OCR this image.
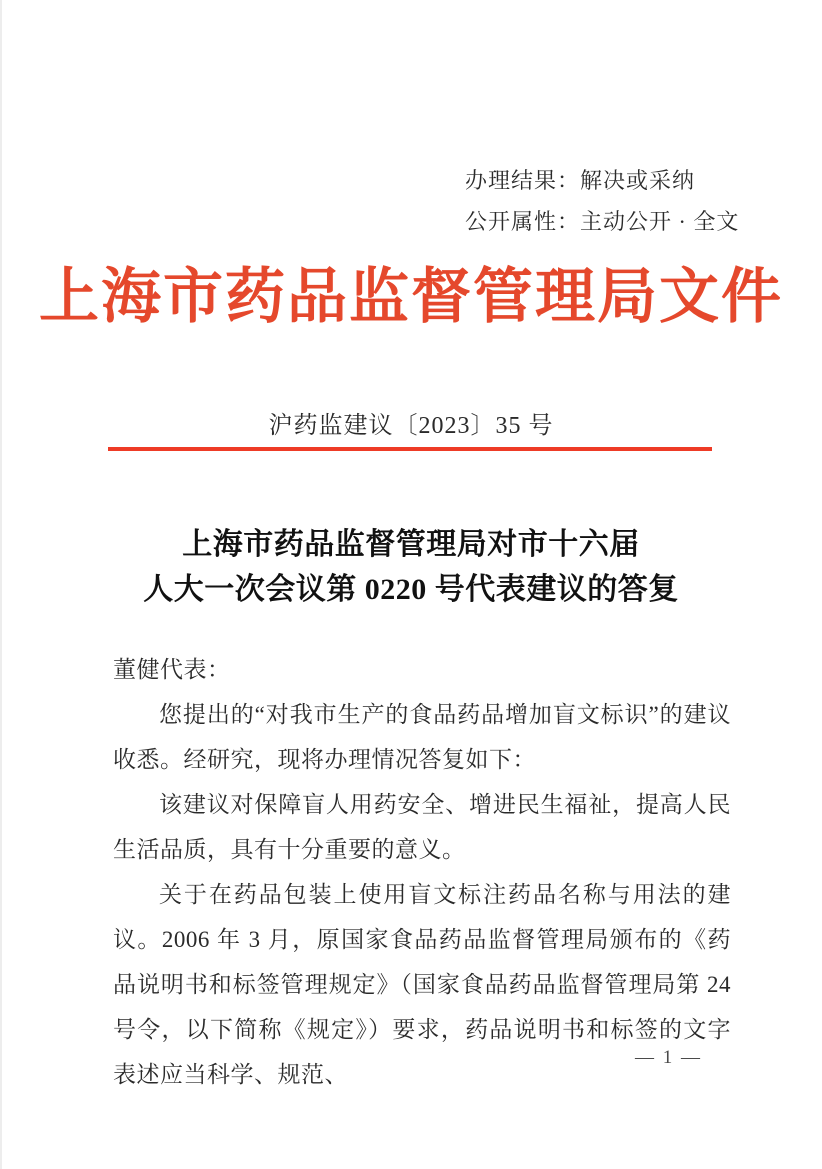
办理结果：解决或采纳
公开属性：主动公开 · 全文
上海市药品监督管理局文件
沪药监建议〔2023〕35 号
上海市药品监督管理局对市十六届
人大一次会议第 0220 号代表建议的答复
董健代表：
您提出的“对我市生产的食品药品增加盲文标识”的建议收悉。经研究，现将办理情况答复如下：
该建议对保障盲人用药安全、增进民生福祉，提高人民生活品质，具有十分重要的意义。
关于在药品包装上使用盲文标注药品名称与用法的建议。2006 年 3 月，原国家食品药品监督管理局颁布的《药品说明书和标签管理规定》（国家食品药品监督管理局第 24 号令，以下简称《规定》）要求，药品说明书和标签的文字表述应当科学、规范、
— 1 —
